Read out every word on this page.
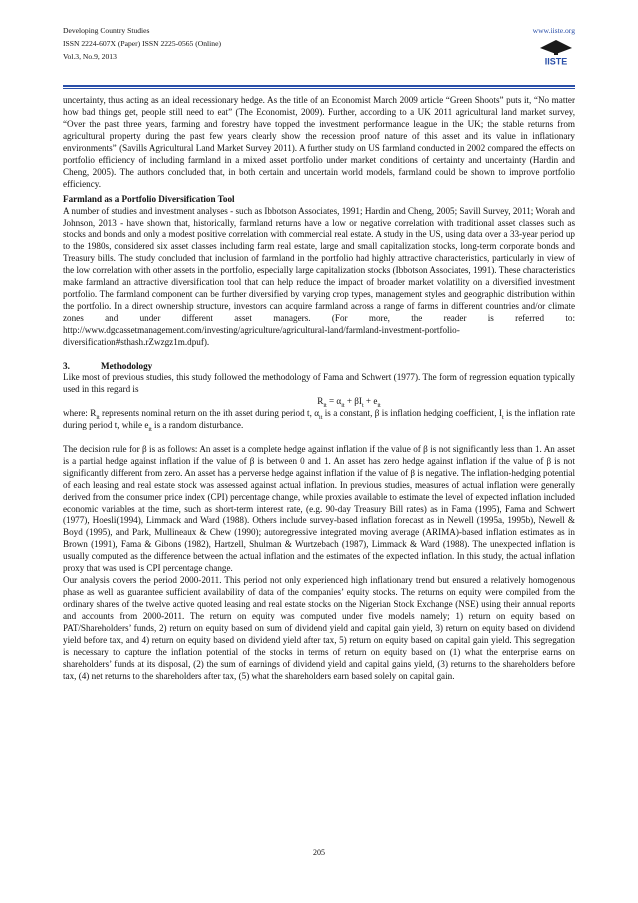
Developing Country Studies
ISSN 2224-607X (Paper) ISSN 2225-0565 (Online)
Vol.3, No.9, 2013
www.iiste.org
IISTE

uncertainty, thus acting as an ideal recessionary hedge. As the title of an Economist March 2009 article “Green Shoots” puts it, “No matter how bad things get, people still need to eat” (The Economist, 2009). Further, according to a UK 2011 agricultural land market survey, “Over the past three years, farming and forestry have topped the investment performance league in the UK; the stable returns from agricultural property during the past few years clearly show the recession proof nature of this asset and its value in inflationary environments” (Savills Agricultural Land Market Survey 2011). A further study on US farmland conducted in 2002 compared the effects on portfolio efficiency of including farmland in a mixed asset portfolio under market conditions of certainty and uncertainty (Hardin and Cheng, 2005). The authors concluded that, in both certain and uncertain world models, farmland could be shown to improve portfolio efficiency.

Farmland as a Portfolio Diversification Tool

A number of studies and investment analyses - such as Ibbotson Associates, 1991; Hardin and Cheng, 2005; Savill Survey, 2011; Worah and Johnson, 2013 - have shown that, historically, farmland returns have a low or negative correlation with traditional asset classes such as stocks and bonds and only a modest positive correlation with commercial real estate. A study in the US, using data over a 33-year period up to the 1980s, considered six asset classes including farm real estate, large and small capitalization stocks, long-term corporate bonds and Treasury bills. The study concluded that inclusion of farmland in the portfolio had highly attractive characteristics, particularly in view of the low correlation with other assets in the portfolio, especially large capitalization stocks (Ibbotson Associates, 1991). These characteristics make farmland an attractive diversification tool that can help reduce the impact of broader market volatility on a diversified investment portfolio. The farmland component can be further diversified by varying crop types, management styles and geographic distribution within the portfolio. In a direct ownership structure, investors can acquire farmland across a range of farms in different countries and/or climate zones and under different asset managers. (For more, the reader is referred to: http://www.dgcassetmanagement.com/investing/agriculture/agricultural-land/farmland-investment-portfolio-diversification#sthash.rZwzgz1m.dpuf).

3.	Methodology

Like most of previous studies, this study followed the methodology of Fama and Schwert (1977). The form of regression equation typically used in this regard is

$R_{it} = \alpha_{it} + \beta I_t + e_{it}$

where: $R_{it}$ represents nominal return on the ith asset during period t, $\alpha_{it}$ is a constant, β is inflation hedging coefficient, $I_t$ is the inflation rate during period t, while $e_{it}$ is a random disturbance.

The decision rule for β is as follows: An asset is a complete hedge against inflation if the value of β is not significantly less than 1. An asset is a partial hedge against inflation if the value of β is between 0 and 1. An asset has zero hedge against inflation if the value of β is not significantly different from zero. An asset has a perverse hedge against inflation if the value of β is negative. The inflation-hedging potential of each leasing and real estate stock was assessed against actual inflation. In previous studies, measures of actual inflation were generally derived from the consumer price index (CPI) percentage change, while proxies available to estimate the level of expected inflation included economic variables at the time, such as short-term interest rate, (e.g. 90-day Treasury Bill rates) as in Fama (1995), Fama and Schwert (1977), Hoesli(1994), Limmack and Ward (1988). Others include survey-based inflation forecast as in Newell (1995a, 1995b), Newell & Boyd (1995), and Park, Mullineaux & Chew (1990); autoregressive integrated moving average (ARIMA)-based inflation estimates as in Brown (1991), Fama & Gibons (1982), Hartzell, Shulman & Wurtzebach (1987), Limmack & Ward (1988). The unexpected inflation is usually computed as the difference between the actual inflation and the estimates of the expected inflation. In this study, the actual inflation proxy that was used is CPI percentage change.

Our analysis covers the period 2000-2011. This period not only experienced high inflationary trend but ensured a relatively homogenous phase as well as guarantee sufficient availability of data of the companies’ equity stocks. The returns on equity were compiled from the ordinary shares of the twelve active quoted leasing and real estate stocks on the Nigerian Stock Exchange (NSE) using their annual reports and accounts from 2000-2011. The return on equity was computed under five models namely; 1) return on equity based on PAT/Shareholders’ funds, 2) return on equity based on sum of dividend yield and capital gain yield, 3) return on equity based on dividend yield before tax, and 4) return on equity based on dividend yield after tax, 5) return on equity based on capital gain yield. This segregation is necessary to capture the inflation potential of the stocks in terms of return on equity based on (1) what the enterprise earns on shareholders’ funds at its disposal, (2) the sum of earnings of dividend yield and capital gains yield, (3) returns to the shareholders before tax, (4) net returns to the shareholders after tax, (5) what the shareholders earn based solely on capital gain.

205
